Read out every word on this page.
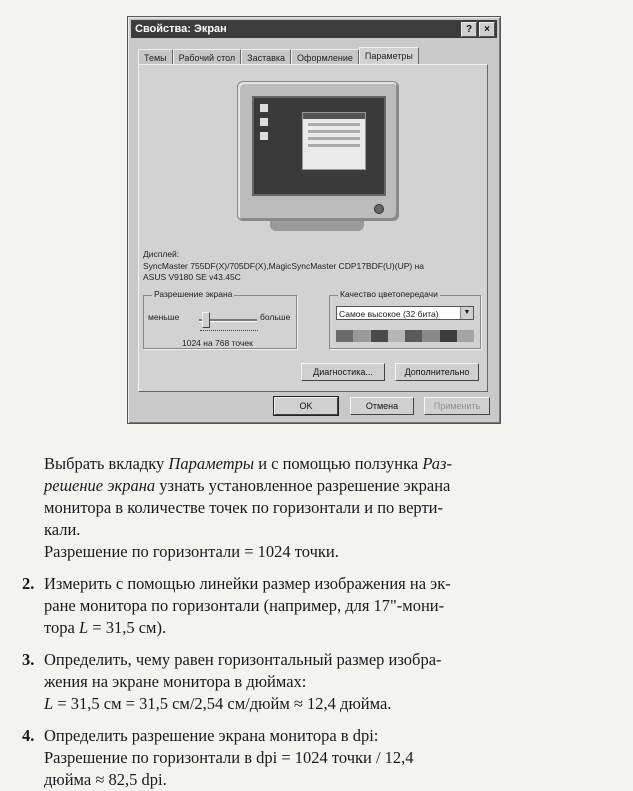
Свойства: Экран	?	×
Темы	Рабочий стол	Заставка	Оформление	Параметры
Дисплей:
SyncMaster 755DF(X)/705DF(X),MagicSyncMaster CDP17BDF(U)(UP) на
ASUS V9180 SE v43.45C
Разрешение экрана
меньше	больше
1024 на 768 точек
Качество цветопередачи
Самое высокое (32 бита)	▼
Диагностика...	Дополнительно
OK	Отмена	Применить

Выбрать вкладку Параметры и с помощью ползунка Раз-

решение экрана узнать установленное разрешение экрана

монитора в количестве точек по горизонтали и по верти-

кали.

Разрешение по горизонтали = 1024 точки.

2. Измерить с помощью линейки размер изображения на эк-

ране монитора по горизонтали (например, для 17"-мони-

тора L = 31,5 см).

3. Определить, чему равен горизонтальный размер изобра-

жения на экране монитора в дюймах:

L = 31,5 см = 31,5 см/2,54 см/дюйм ≈ 12,4 дюйма.

4. Определить разрешение экрана монитора в dpi:

Разрешение по горизонтали в dpi = 1024 точки / 12,4

дюйма ≈ 82,5 dpi.
